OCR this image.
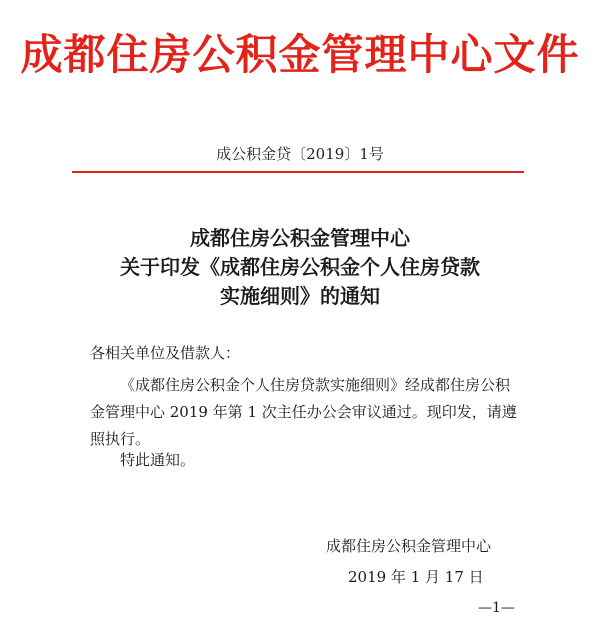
成都住房公积金管理中心文件
成公积金贷〔2019〕1号
成都住房公积金管理中心
关于印发《成都住房公积金个人住房贷款
实施细则》的通知
各相关单位及借款人：
《成都住房公积金个人住房贷款实施细则》经成都住房公积
金管理中心 2019 年第 1 次主任办公会审议通过。现印发，请遵
照执行。
特此通知。
成都住房公积金管理中心
2019 年 1 月 17 日
—1—
